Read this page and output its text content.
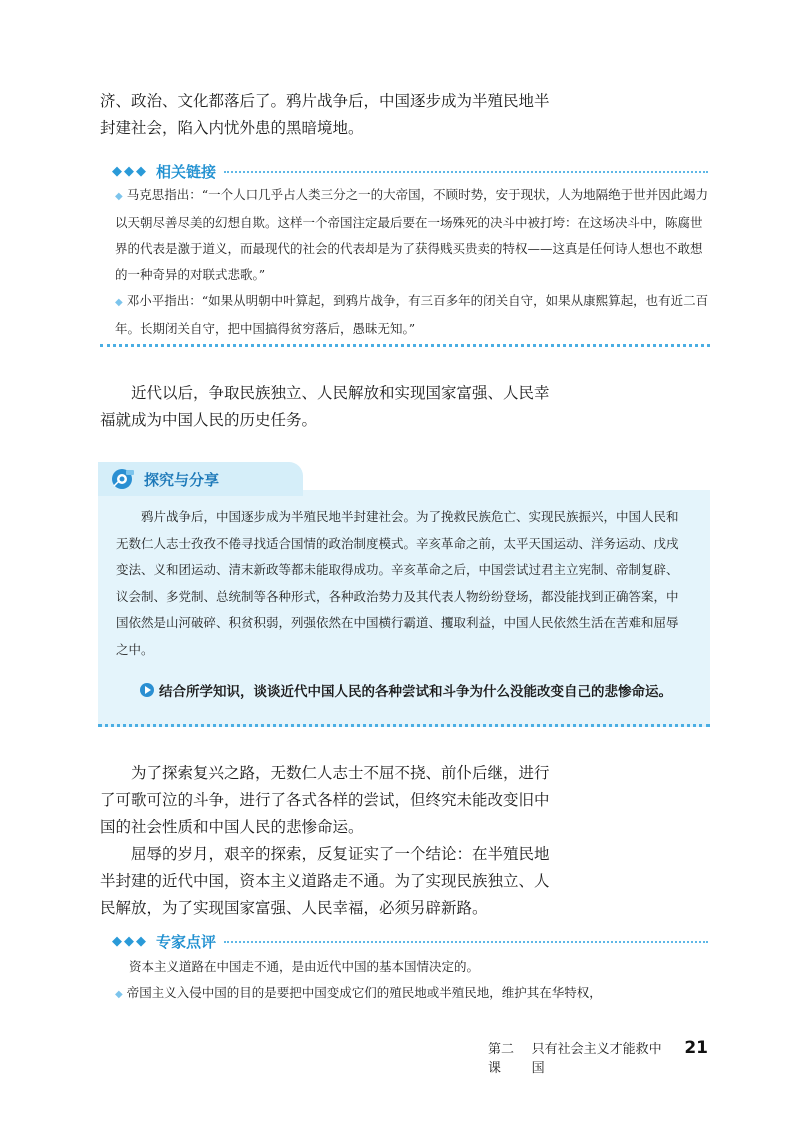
济、政治、文化都落后了。鸦片战争后，中国逐步成为半殖民地半

封建社会，陷入内忧外患的黑暗境地。

◆◆◆ 相关链接

◆ 马克思指出：“一个人口几乎占人类三分之一的大帝国，不顾时势，安于现状，人为地隔绝于世并因此竭力以天朝尽善尽美的幻想自欺。这样一个帝国注定最后要在一场殊死的决斗中被打垮：在这场决斗中，陈腐世界的代表是激于道义，而最现代的社会的代表却是为了获得贱买贵卖的特权——这真是任何诗人想也不敢想的一种奇异的对联式悲歌。”

◆ 邓小平指出：“如果从明朝中叶算起，到鸦片战争，有三百多年的闭关自守，如果从康熙算起，也有近二百年。长期闭关自守，把中国搞得贫穷落后，愚昧无知。”

近代以后，争取民族独立、人民解放和实现国家富强、人民幸福就成为中国人民的历史任务。

鸦片战争后，中国逐步成为半殖民地半封建社会。为了挽救民族危亡、实现民族振兴，中国人民和无数仁人志士孜孜不倦寻找适合国情的政治制度模式。辛亥革命之前，太平天国运动、洋务运动、戊戌变法、义和团运动、清末新政等都未能取得成功。辛亥革命之后，中国尝试过君主立宪制、帝制复辟、议会制、多党制、总统制等各种形式，各种政治势力及其代表人物纷纷登场，都没能找到正确答案，中国依然是山河破碎、积贫积弱，列强依然在中国横行霸道、攫取利益，中国人民依然生活在苦难和屈辱之中。

结合所学知识，谈谈近代中国人民的各种尝试和斗争为什么没能改变自己的悲惨命运。
探究与分享

为了探索复兴之路，无数仁人志士不屈不挠、前仆后继，进行了可歌可泣的斗争，进行了各式各样的尝试，但终究未能改变旧中国的社会性质和中国人民的悲惨命运。

屈辱的岁月，艰辛的探索，反复证实了一个结论：在半殖民地半封建的近代中国，资本主义道路走不通。为了实现民族独立、人民解放，为了实现国家富强、人民幸福，必须另辟新路。

◆◆◆ 专家点评

资本主义道路在中国走不通，是由近代中国的基本国情决定的。

◆ 帝国主义入侵中国的目的是要把中国变成它们的殖民地或半殖民地，维护其在华特权，

第二课
只有社会主义才能救中国
21
